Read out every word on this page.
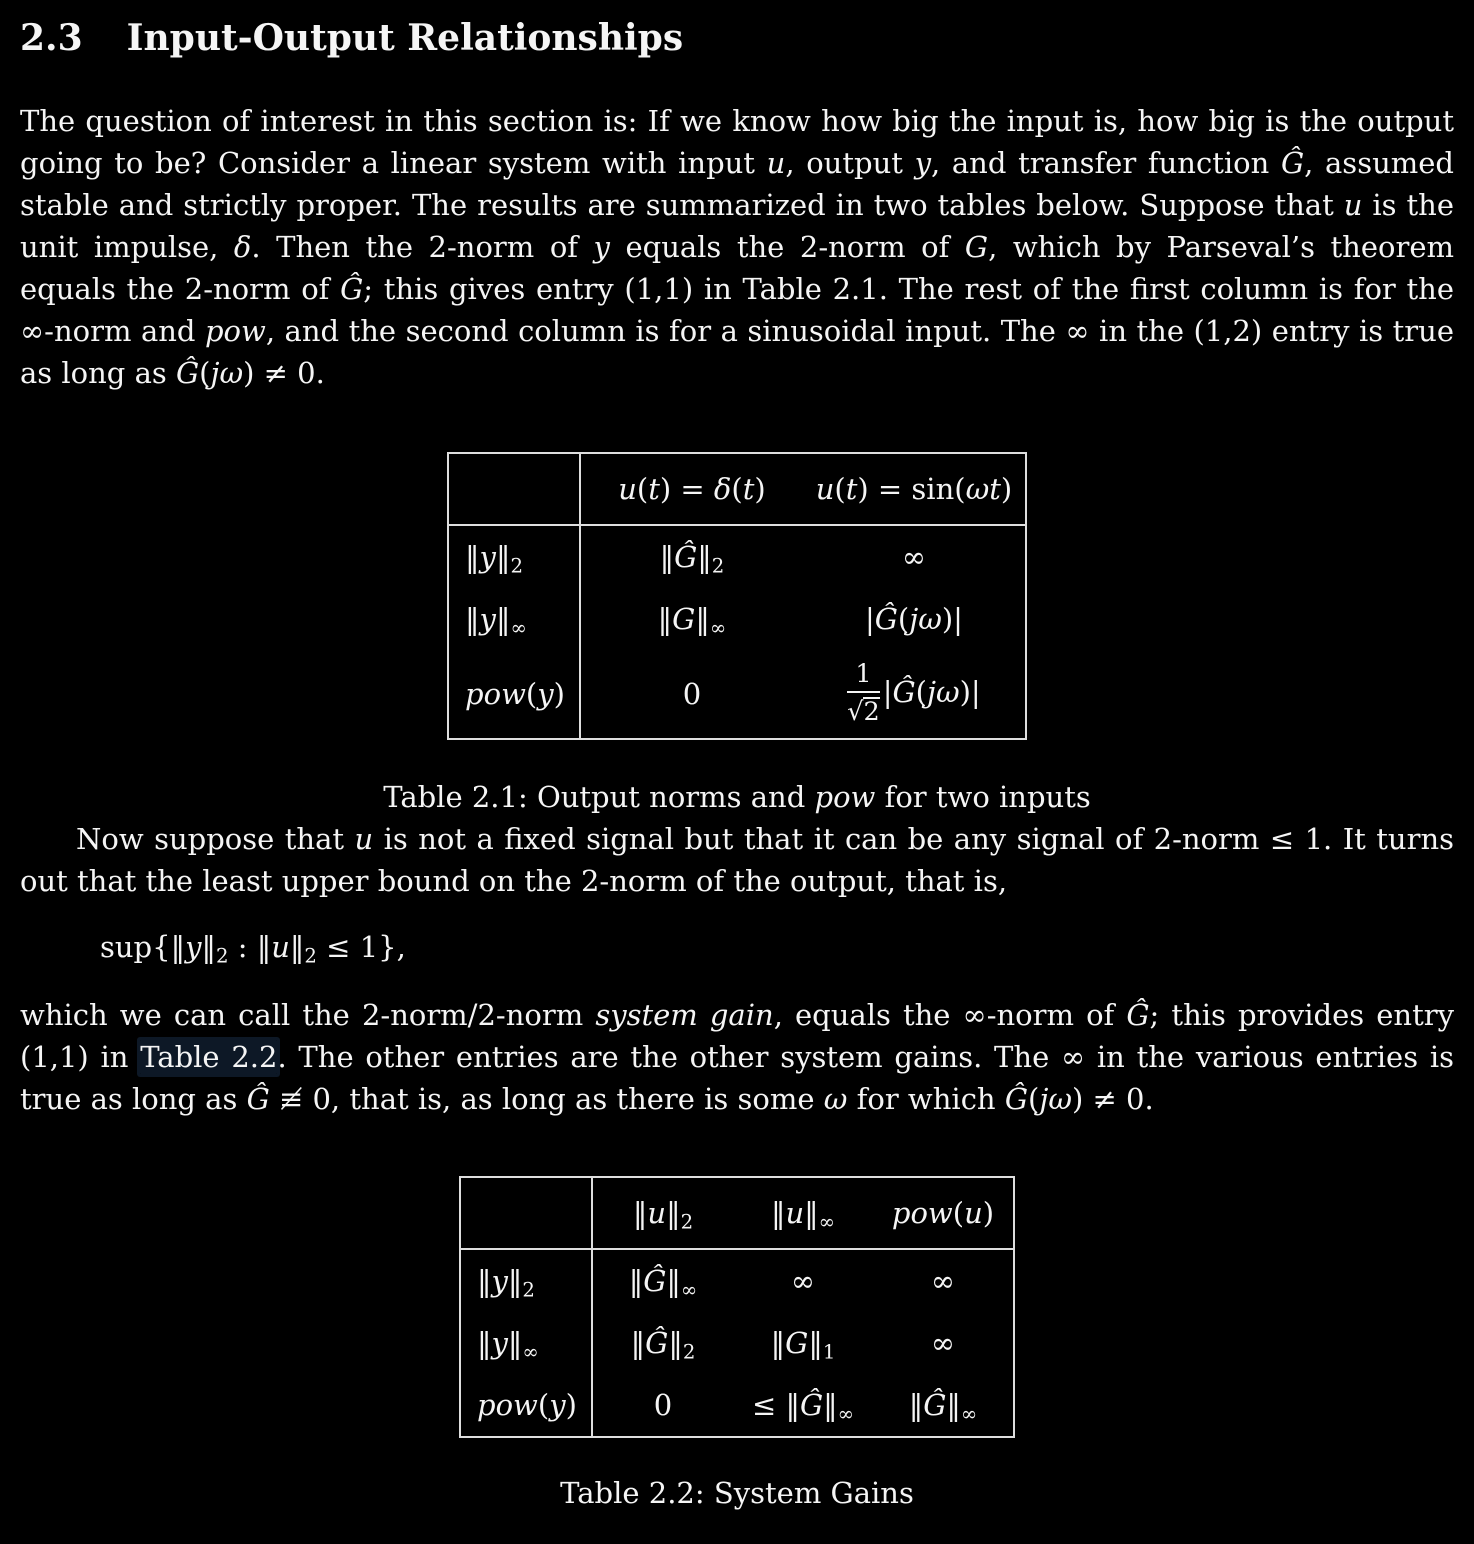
2.3 Input-Output Relationships

The question of interest in this section is: If we know how big the input is, how big is the output going to be? Consider a linear system with input u, output y, and transfer function Ĝ, assumed stable and strictly proper. The results are summarized in two tables below. Suppose that u is the unit impulse, δ. Then the 2-norm of y equals the 2-norm of G, which by Parseval’s theorem equals the 2-norm of Ĝ; this gives entry (1,1) in Table 2.1. The rest of the first column is for the ∞-norm and pow, and the second column is for a sinusoidal input. The ∞ in the (1,2) entry is true as long as Ĝ(jω) ≠ 0.

	u(t) = δ(t)	u(t) = sin(ωt)
$‖y‖_2$	$‖Ĝ‖_2$	∞
$‖y‖_\infty$	$‖G‖_\infty$	|Ĝ(jω)|
pow(y)	0	$\frac{1}{√2}$ |Ĝ(jω)|

Table 2.1: Output norms and pow for two inputs

Now suppose that u is not a fixed signal but that it can be any signal of 2-norm ≤ 1. It turns out that the least upper bound on the 2-norm of the output, that is,

$sup\{‖y‖_2$ : $‖u‖_2 \le 1$},

which we can call the 2-norm/2-norm system gain, equals the ∞-norm of Ĝ; this provides entry (1,1) in Table 2.2. The other entries are the other system gains. The ∞ in the various entries is true as long as Ĝ ≢ 0, that is, as long as there is some ω for which Ĝ(jω) ≠ 0.

	$‖u‖_2$	$‖u‖_\infty$	pow(u)
$‖y‖_2$	$‖Ĝ‖_\infty$	∞	∞
$‖y‖_\infty$	$‖Ĝ‖_2$	$‖G‖_1$	∞
pow(y)	0	≤ $‖Ĝ‖_\infty$	$‖Ĝ‖_\infty$

Table 2.2: System Gains
